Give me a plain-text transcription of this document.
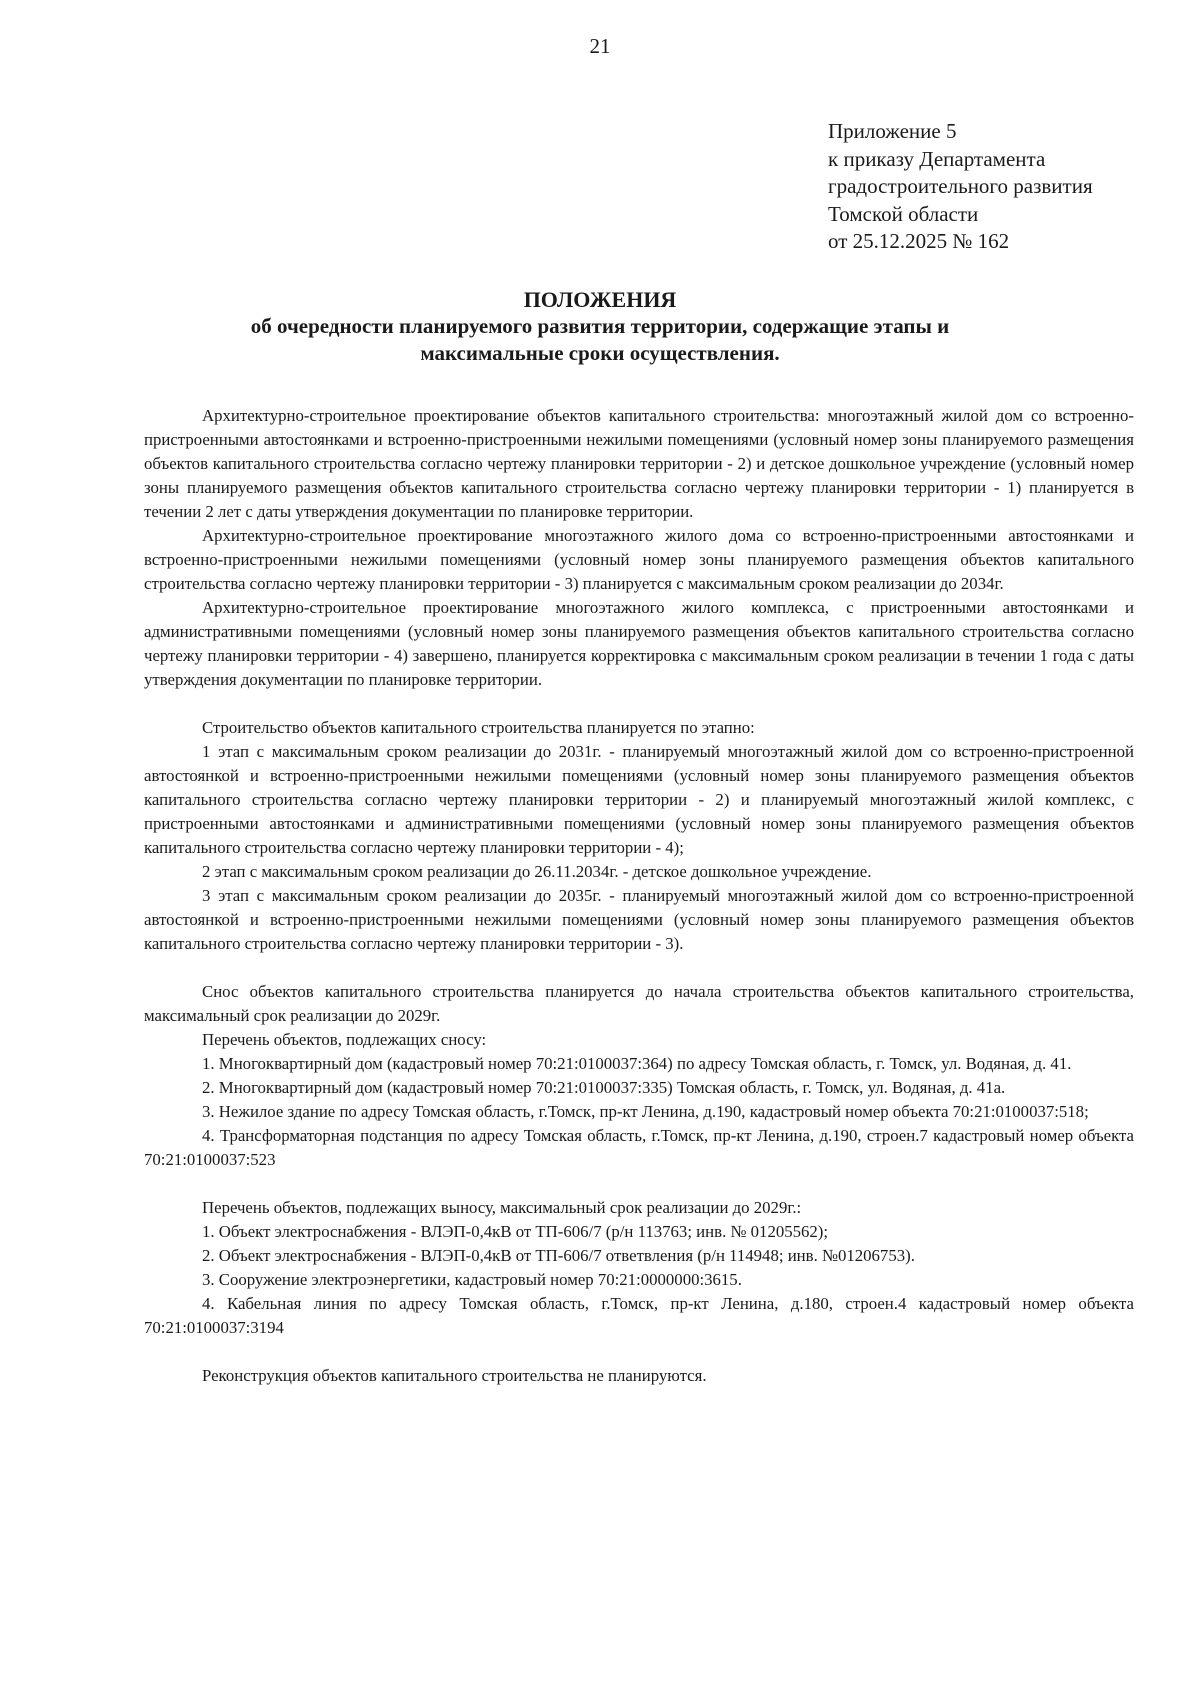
21
Приложение 5
к приказу Департамента
градостроительного развития
Томской области
от 25.12.2025 № 162
ПОЛОЖЕНИЯ
об очередности планируемого развития территории, содержащие этапы и
максимальные сроки осуществления.

Архитектурно-строительное проектирование объектов капитального строительства: многоэтажный жилой дом со встроенно-пристроенными автостоянками и встроенно-пристроенными нежилыми помещениями (условный номер зоны планируемого размещения объектов капитального строительства согласно чертежу планировки территории - 2) и детское дошкольное учреждение (условный номер зоны планируемого размещения объектов капитального строительства согласно чертежу планировки территории - 1) планируется в течении 2 лет с даты утверждения документации по планировке территории.

Архитектурно-строительное проектирование многоэтажного жилого дома со встроенно-пристроенными автостоянками и встроенно-пристроенными нежилыми помещениями (условный номер зоны планируемого размещения объектов капитального строительства согласно чертежу планировки территории - 3) планируется с максимальным сроком реализации до 2034г.

Архитектурно-строительное проектирование многоэтажного жилого комплекса, с пристроенными автостоянками и административными помещениями (условный номер зоны планируемого размещения объектов капитального строительства согласно чертежу планировки территории - 4) завершено, планируется корректировка с максимальным сроком реализации в течении 1 года с даты утверждения документации по планировке территории.

Строительство объектов капитального строительства планируется по этапно:

1 этап с максимальным сроком реализации до 2031г. - планируемый многоэтажный жилой дом со встроенно-пристроенной автостоянкой и встроенно-пристроенными нежилыми помещениями (условный номер зоны планируемого размещения объектов капитального строительства согласно чертежу планировки территории - 2) и планируемый многоэтажный жилой комплекс, с пристроенными автостоянками и административными помещениями (условный номер зоны планируемого размещения объектов капитального строительства согласно чертежу планировки территории - 4);

2 этап с максимальным сроком реализации до 26.11.2034г. - детское дошкольное учреждение.

3 этап с максимальным сроком реализации до 2035г. - планируемый многоэтажный жилой дом со встроенно-пристроенной автостоянкой и встроенно-пристроенными нежилыми помещениями (условный номер зоны планируемого размещения объектов капитального строительства согласно чертежу планировки территории - 3).

Снос объектов капитального строительства планируется до начала строительства объектов капитального строительства, максимальный срок реализации до 2029г.

Перечень объектов, подлежащих сносу:

1. Многоквартирный дом (кадастровый номер 70:21:0100037:364) по адресу Томская область, г. Томск, ул. Водяная, д. 41.

2. Многоквартирный дом (кадастровый номер 70:21:0100037:335) Томская область, г. Томск, ул. Водяная, д. 41а.

3. Нежилое здание по адресу Томская область, г.Томск, пр-кт Ленина, д.190, кадастровый номер объекта 70:21:0100037:518;

4. Трансформаторная подстанция по адресу Томская область, г.Томск, пр-кт Ленина, д.190, строен.7 кадастровый номер объекта 70:21:0100037:523

Перечень объектов, подлежащих выносу, максимальный срок реализации до 2029г.:

1. Объект электроснабжения - ВЛЭП-0,4кВ от ТП-606/7 (р/н 113763; инв. № 01205562);

2. Объект электроснабжения - ВЛЭП-0,4кВ от ТП-606/7 ответвления (р/н 114948; инв. №01206753).

3. Сооружение электроэнергетики, кадастровый номер 70:21:0000000:3615.

4. Кабельная линия по адресу Томская область, г.Томск, пр-кт Ленина, д.180, строен.4 кадастровый номер объекта 70:21:0100037:3194

Реконструкция объектов капитального строительства не планируются.
